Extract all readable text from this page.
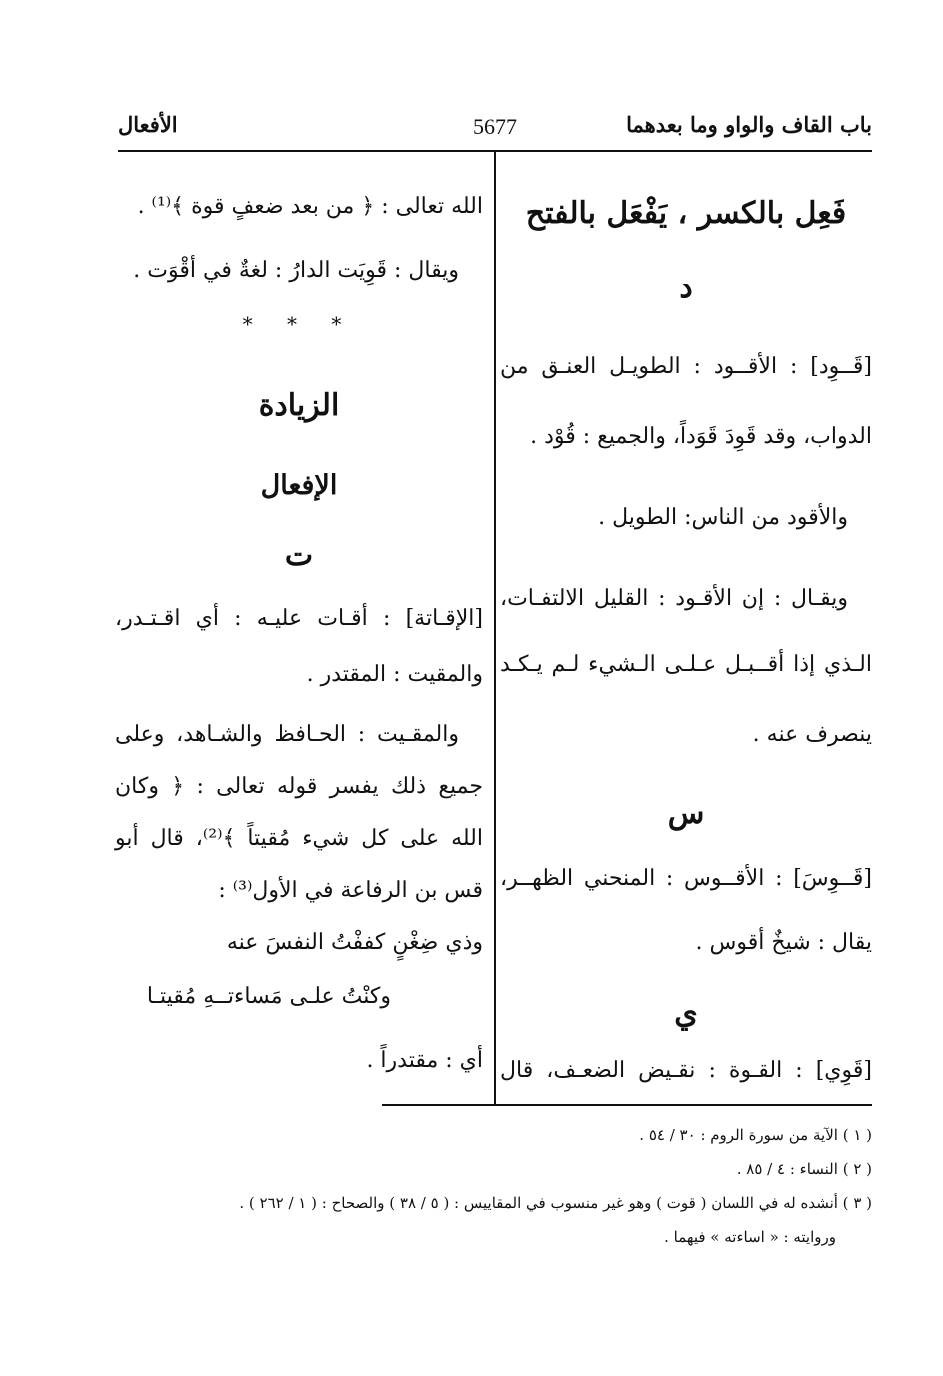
باب القاف والواو وما بعدهما
5677
الأفعال
فَعِل بالكسر ، يَفْعَل بالفتح
د
[قَــوِد] : الأقــود : الطويـل العنـق من
الدواب، وقد قَوِدَ قَوَداً، والجميع : قُوْد .
والأقود من الناس: الطويل .
ويقـال : إن الأقـود : القليل الالتفـات،
الـذي إذا أقــبـل عـلـى الـشيء لـم يـكـد
ينصرف عنه .
س
[قَــوِسَ] : الأقــوس : المنحني الظهــر،
يقال : شيخٌ أقوس .
ي
[قَوِي] : القـوة : نقـيض الضعـف، قال
الله تعالى : ﴿ من بعد ضعفٍ قوة ﴾⁽¹⁾ .
ويقال : قَوِيَت الدارُ : لغةٌ في أقْوَت .
* * *
الزيادة
الإفعال
ت
[الإقـاتة] : أقـات عليـه : أي اقـتـدر،
والمقيت : المقتدر .
والمقـيت : الحـافظ والشـاهد، وعلى
جميع ذلك يفسر قوله تعالى : ﴿ وكان
الله على كل شيء مُقيتاً ﴾⁽²⁾، قال أبو
قس بن الرفاعة في الأول⁽³⁾ :
وذي ضِغْنٍ كففْتُ النفسَ عنه
وكنْتُ علـى مَساءتــهِ مُقيتـا
أي : مقتدراً .
( ١ ) الآية من سورة الروم : ٣٠ / ٥٤ .
( ٢ ) النساء : ٤ / ٨٥ .
( ٣ ) أنشده له في اللسان ( قوت ) وهو غير منسوب في المقاييس : ( ٥ / ٣٨ ) والصحاح : ( ١ / ٢٦٢ ) .
وروايته : « اساءته » فيهما .
